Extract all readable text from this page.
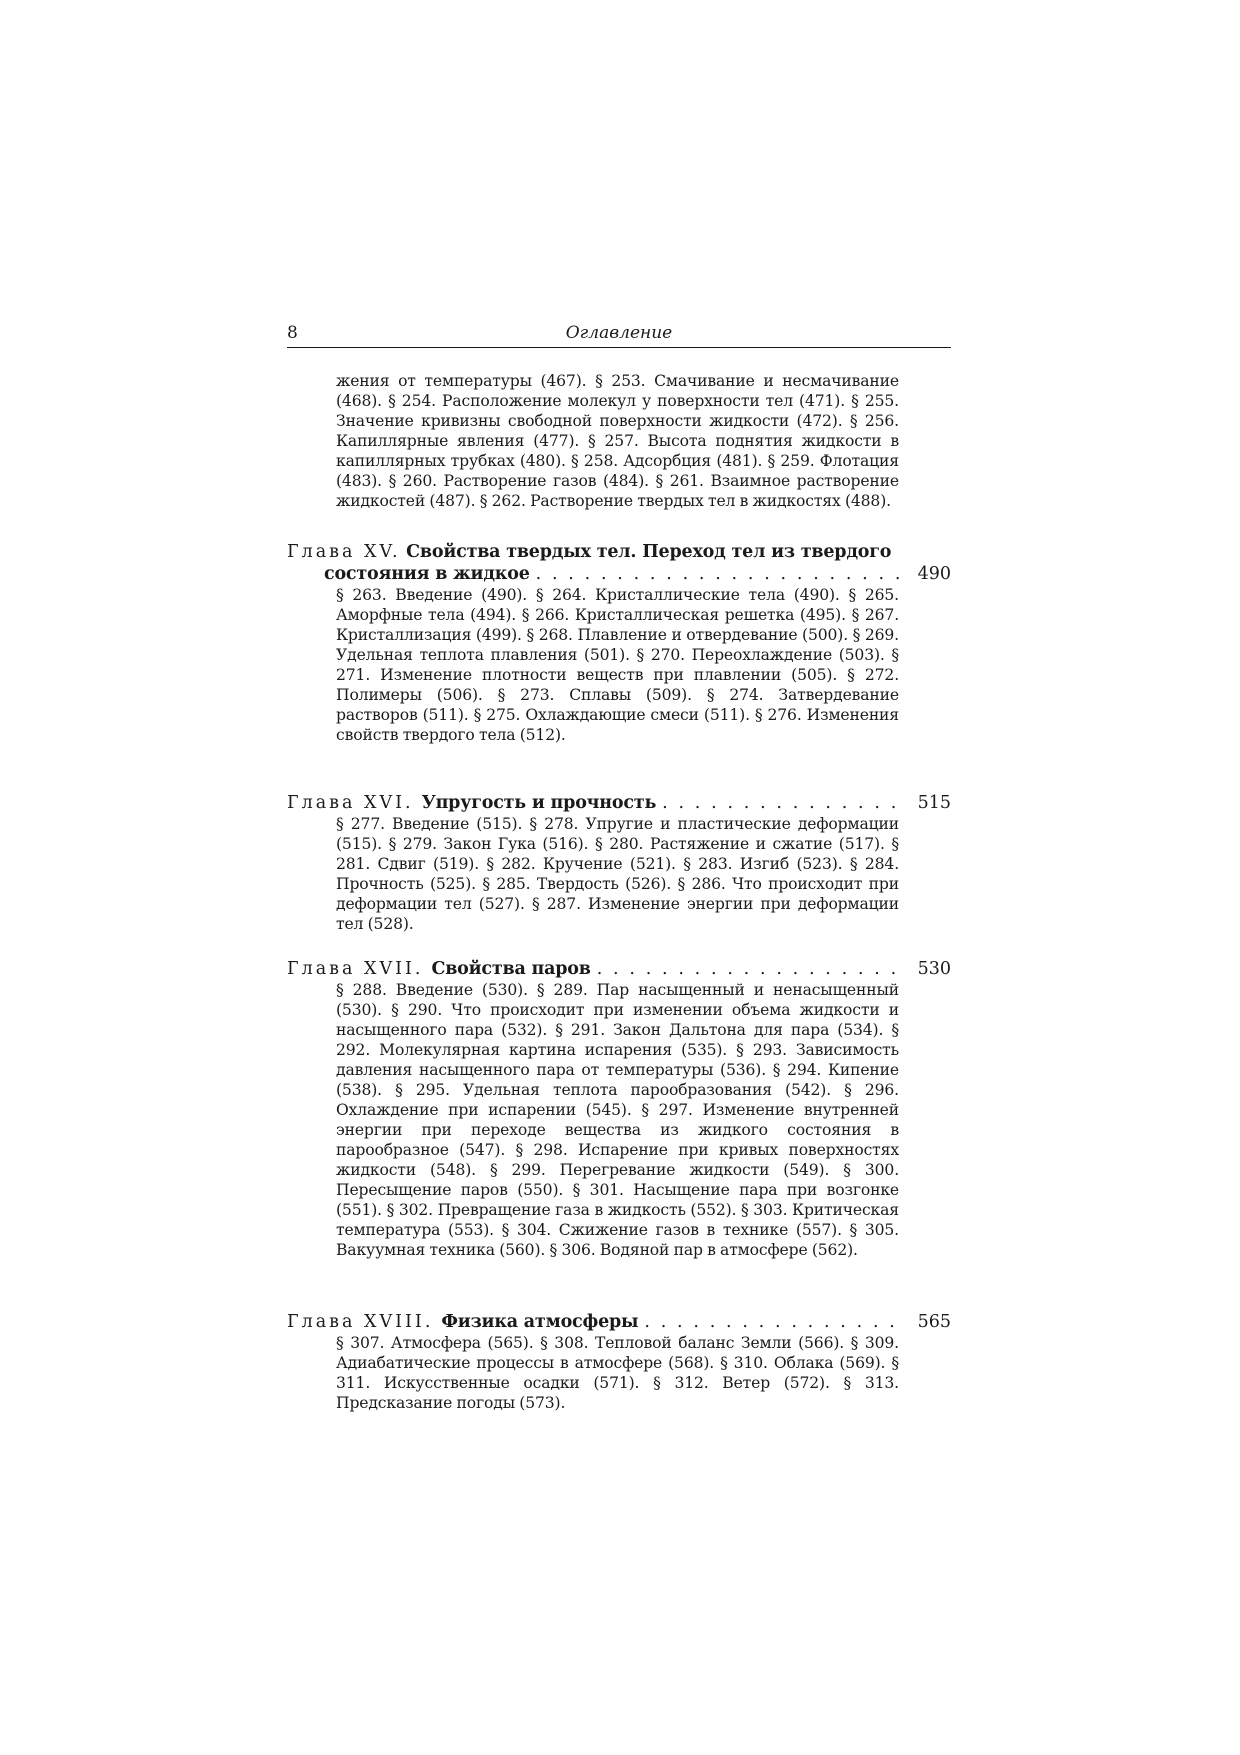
8	Оглавление
жения от температуры (467). § 253. Смачивание и несмачивание (468). § 254. Расположение молекул у поверхности тел (471). § 255. Значение кривизны свободной поверхности жидкости (472). § 256. Капиллярные явления (477). § 257. Высота поднятия жидкости в капиллярных трубках (480). § 258. Адсорбция (481). § 259. Флотация (483). § 260. Растворение газов (484). § 261. Взаимное растворение жидкостей (487). § 262. Растворение твердых тел в жидкостях (488).
Глава XV. Свойства твердых тел. Переход тел из твердого
состояния в жидкое . . .	490
§ 263. Введение (490). § 264. Кристаллические тела (490). § 265. Аморфные тела (494). § 266. Кристаллическая решетка (495). § 267. Кристаллизация (499). § 268. Плавление и отвердевание (500). § 269. Удельная теплота плавления (501). § 270. Переохлаждение (503). § 271. Изменение плотности веществ при плавлении (505). § 272. Полимеры (506). § 273. Сплавы (509). § 274. Затвердевание растворов (511). § 275. Охлаждающие смеси (511). § 276. Изменения свойств твердого тела (512).
Глава XVI. Упругость и прочность . . .	515
§ 277. Введение (515). § 278. Упругие и пластические деформации (515). § 279. Закон Гука (516). § 280. Растяжение и сжатие (517). § 281. Сдвиг (519). § 282. Кручение (521). § 283. Изгиб (523). § 284. Прочность (525). § 285. Твердость (526). § 286. Что происходит при деформации тел (527). § 287. Изменение энергии при деформации тел (528).
Глава XVII. Свойства паров . . .	530
§ 288. Введение (530). § 289. Пар насыщенный и ненасыщенный (530). § 290. Что происходит при изменении объема жидкости и насыщенного пара (532). § 291. Закон Дальтона для пара (534). § 292. Молекулярная картина испарения (535). § 293. Зависимость давления насыщенного пара от температуры (536). § 294. Кипение (538). § 295. Удельная теплота парообразования (542). § 296. Охлаждение при испарении (545). § 297. Изменение внутренней энергии при переходе вещества из жидкого состояния в парообразное (547). § 298. Испарение при кривых поверхностях жидкости (548). § 299. Перегревание жидкости (549). § 300. Пересыщение паров (550). § 301. Насыщение пара при возгонке (551). § 302. Превращение газа в жидкость (552). § 303. Критическая температура (553). § 304. Сжижение газов в технике (557). § 305. Вакуумная техника (560). § 306. Водяной пар в атмосфере (562).
Глава XVIII. Физика атмосферы . . .	565
§ 307. Атмосфера (565). § 308. Тепловой баланс Земли (566). § 309. Адиабатические процессы в атмосфере (568). § 310. Облака (569). § 311. Искусственные осадки (571). § 312. Ветер (572). § 313. Предсказание погоды (573).
